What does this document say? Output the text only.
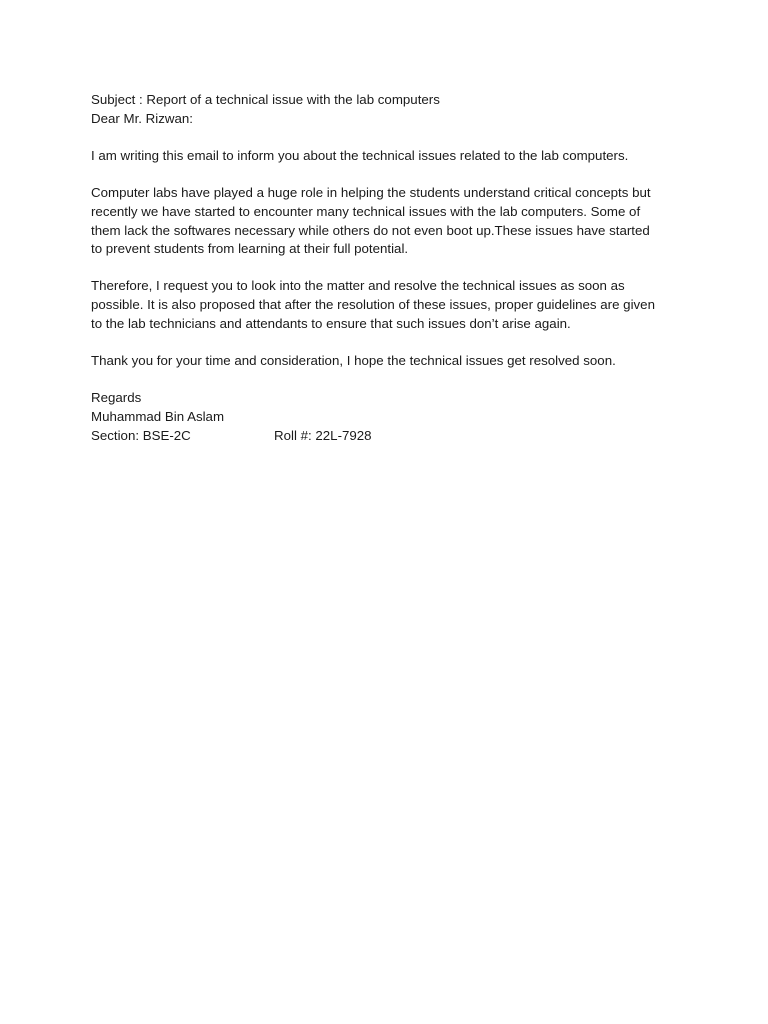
Subject : Report of a technical issue with the lab computers

Dear Mr. Rizwan:

I am writing this email to inform you about the technical issues related to the lab computers.

Computer labs have played a huge role in helping the students understand critical concepts but

recently we have started to encounter many technical issues with the lab computers. Some of

them lack the softwares necessary while others do not even boot up.These issues have started

to prevent students from learning at their full potential.

Therefore, I request you to look into the matter and resolve the technical issues as soon as

possible. It is also proposed that after the resolution of these issues, proper guidelines are given

to the lab technicians and attendants to ensure that such issues don’t arise again.

Thank you for your time and consideration, I hope the technical issues get resolved soon.

Regards

Muhammad Bin Aslam

Section: BSE-2C	Roll #: 22L-7928
